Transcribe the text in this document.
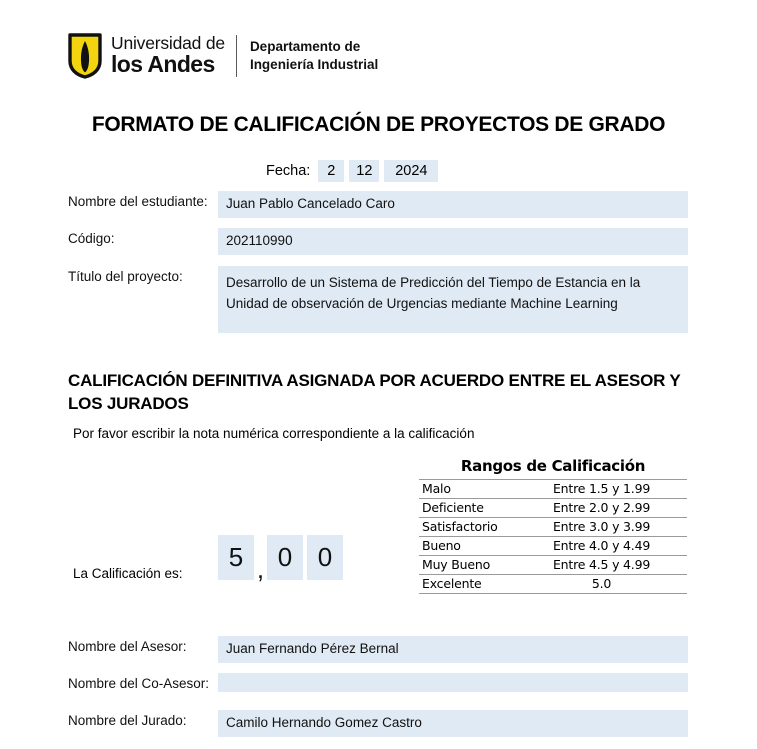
Universidad de
los Andes
Departamento de
Ingeniería Industrial
FORMATO DE CALIFICACIÓN DE PROYECTOS DE GRADO
Fecha:	2	12	2024
Nombre del estudiante:	Juan Pablo Cancelado Caro
Código:	202110990
Título del proyecto:	Desarrollo de un Sistema de Predicción del Tiempo de Estancia en la Unidad de observación de Urgencias mediante Machine Learning
CALIFICACIÓN DEFINITIVA ASIGNADA POR ACUERDO ENTRE EL ASESOR Y LOS JURADOS
Por favor escribir la nota numérica correspondiente a la calificación
Rangos de Calificación
Malo	Entre 1.5 y 1.99
Deficiente	Entre 2.0 y 2.99
Satisfactorio	Entre 3.0 y 3.99
Bueno	Entre 4.0 y 4.49
Muy Bueno	Entre 4.5 y 4.99
Excelente	5.0
La Calificación es:
5 , 0 0
Nombre del Asesor:	Juan Fernando Pérez Bernal
Nombre del Co-Asesor:
Nombre del Jurado:	Camilo Hernando Gomez Castro
